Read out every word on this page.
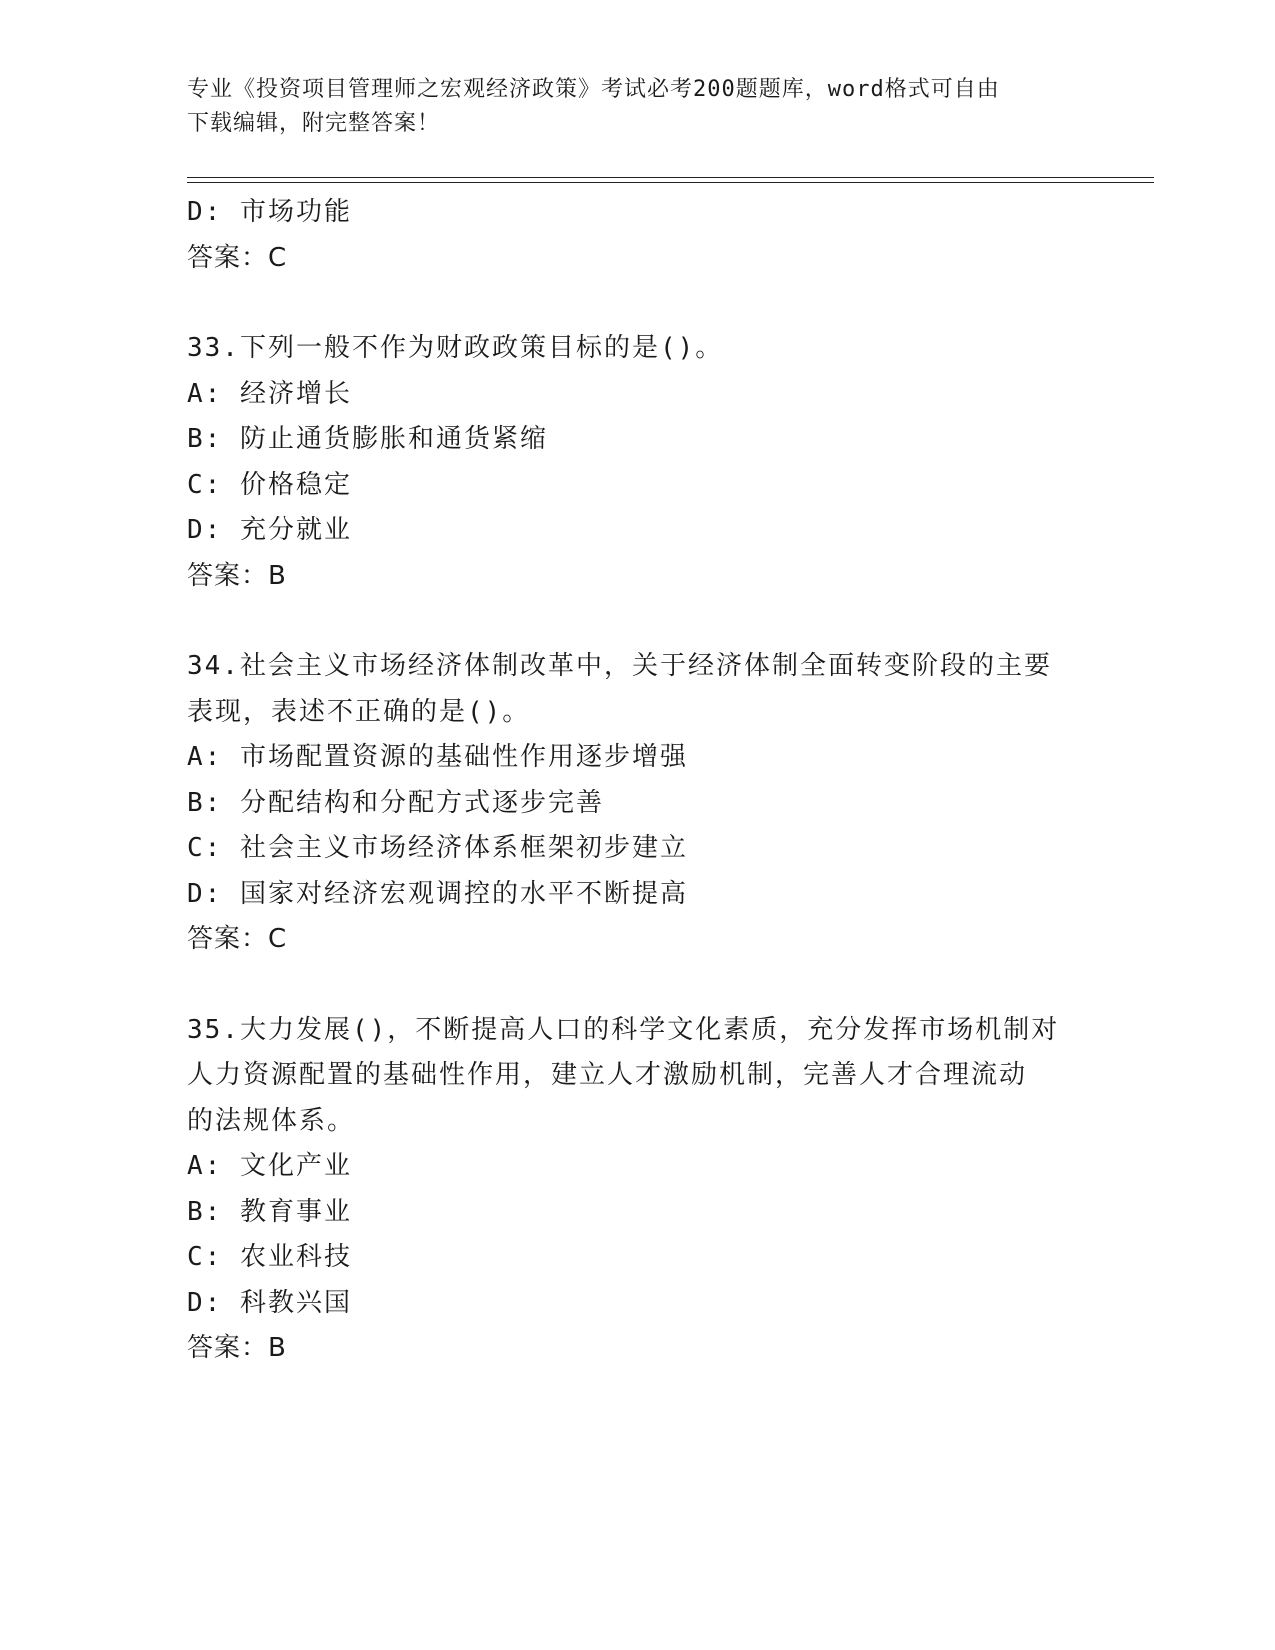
专业《投资项目管理师之宏观经济政策》考试必考200题题库，word格式可自由
下载编辑，附完整答案！
D: 市场功能
答案：C
33.下列一般不作为财政政策目标的是()。
A: 经济增长
B: 防止通货膨胀和通货紧缩
C: 价格稳定
D: 充分就业
答案：B
34.社会主义市场经济体制改革中，关于经济体制全面转变阶段的主要
表现，表述不正确的是()。
A: 市场配置资源的基础性作用逐步增强
B: 分配结构和分配方式逐步完善
C: 社会主义市场经济体系框架初步建立
D: 国家对经济宏观调控的水平不断提高
答案：C
35.大力发展()，不断提高人口的科学文化素质，充分发挥市场机制对
人力资源配置的基础性作用，建立人才激励机制，完善人才合理流动
的法规体系。
A: 文化产业
B: 教育事业
C: 农业科技
D: 科教兴国
答案：B
